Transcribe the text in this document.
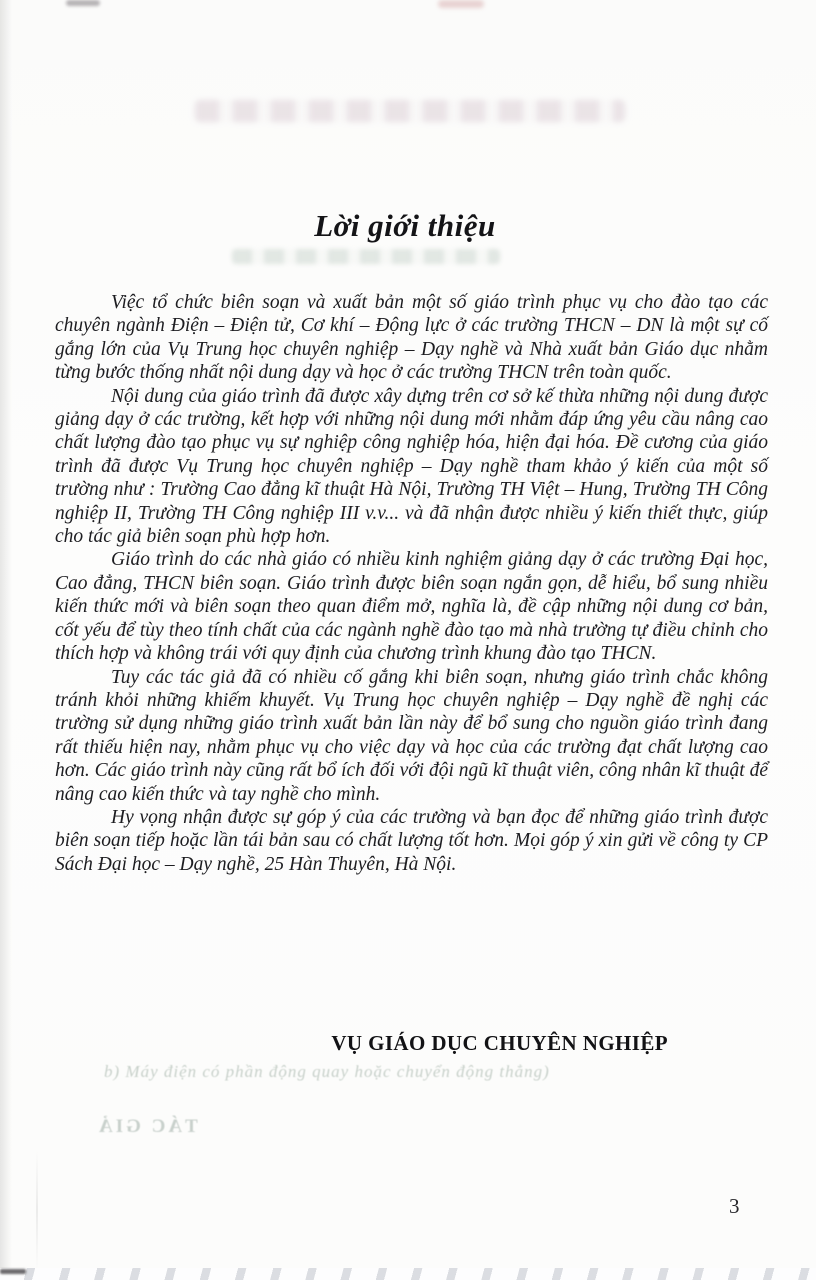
Lời giới thiệu

Việc tổ chức biên soạn và xuất bản một số giáo trình phục vụ cho đào tạo các chuyên ngành Điện – Điện tử, Cơ khí – Động lực ở các trường THCN – DN là một sự cố gắng lớn của Vụ Trung học chuyên nghiệp – Dạy nghề và Nhà xuất bản Giáo dục nhằm từng bước thống nhất nội dung dạy và học ở các trường THCN trên toàn quốc.

Nội dung của giáo trình đã được xây dựng trên cơ sở kế thừa những nội dung được giảng dạy ở các trường, kết hợp với những nội dung mới nhằm đáp ứng yêu cầu nâng cao chất lượng đào tạo phục vụ sự nghiệp công nghiệp hóa, hiện đại hóa. Đề cương của giáo trình đã được Vụ Trung học chuyên nghiệp – Dạy nghề tham khảo ý kiến của một số trường như : Trường Cao đẳng kĩ thuật Hà Nội, Trường TH Việt – Hung, Trường TH Công nghiệp II, Trường TH Công nghiệp III v.v... và đã nhận được nhiều ý kiến thiết thực, giúp cho tác giả biên soạn phù hợp hơn.

Giáo trình do các nhà giáo có nhiều kinh nghiệm giảng dạy ở các trường Đại học, Cao đẳng, THCN biên soạn. Giáo trình được biên soạn ngắn gọn, dễ hiểu, bổ sung nhiều kiến thức mới và biên soạn theo quan điểm mở, nghĩa là, đề cập những nội dung cơ bản, cốt yếu để tùy theo tính chất của các ngành nghề đào tạo mà nhà trường tự điều chỉnh cho thích hợp và không trái với quy định của chương trình khung đào tạo THCN.

Tuy các tác giả đã có nhiều cố gắng khi biên soạn, nhưng giáo trình chắc không tránh khỏi những khiếm khuyết. Vụ Trung học chuyên nghiệp – Dạy nghề đề nghị các trường sử dụng những giáo trình xuất bản lần này để bổ sung cho nguồn giáo trình đang rất thiếu hiện nay, nhằm phục vụ cho việc dạy và học của các trường đạt chất lượng cao hơn. Các giáo trình này cũng rất bổ ích đối với đội ngũ kĩ thuật viên, công nhân kĩ thuật để nâng cao kiến thức và tay nghề cho mình.

Hy vọng nhận được sự góp ý của các trường và bạn đọc để những giáo trình được biên soạn tiếp hoặc lần tái bản sau có chất lượng tốt hơn. Mọi góp ý xin gửi về công ty CP Sách Đại học – Dạy nghề, 25 Hàn Thuyên, Hà Nội.

b) Máy điện có phần động quay hoặc chuyển động thẳng)
TÁC GIẢ
VỤ GIÁO DỤC CHUYÊN NGHIỆP
3
